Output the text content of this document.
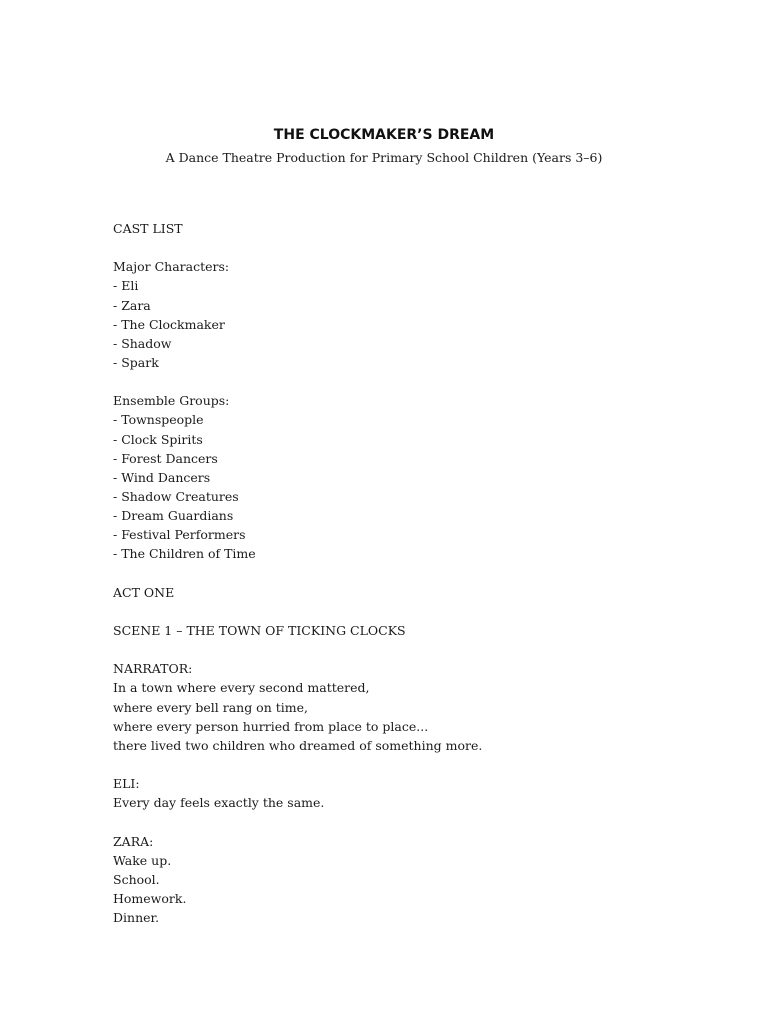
THE CLOCKMAKER’S DREAM

A Dance Theatre Production for Primary School Children (Years 3–6)

CAST LIST
Major Characters:
- Eli
- Zara
- The Clockmaker
- Shadow
- Spark
Ensemble Groups:
- Townspeople
- Clock Spirits
- Forest Dancers
- Wind Dancers
- Shadow Creatures
- Dream Guardians
- Festival Performers
- The Children of Time
ACT ONE
SCENE 1 – THE TOWN OF TICKING CLOCKS
NARRATOR:
In a town where every second mattered,
where every bell rang on time,
where every person hurried from place to place...
there lived two children who dreamed of something more.
ELI:
Every day feels exactly the same.
ZARA:
Wake up.
School.
Homework.
Dinner.
